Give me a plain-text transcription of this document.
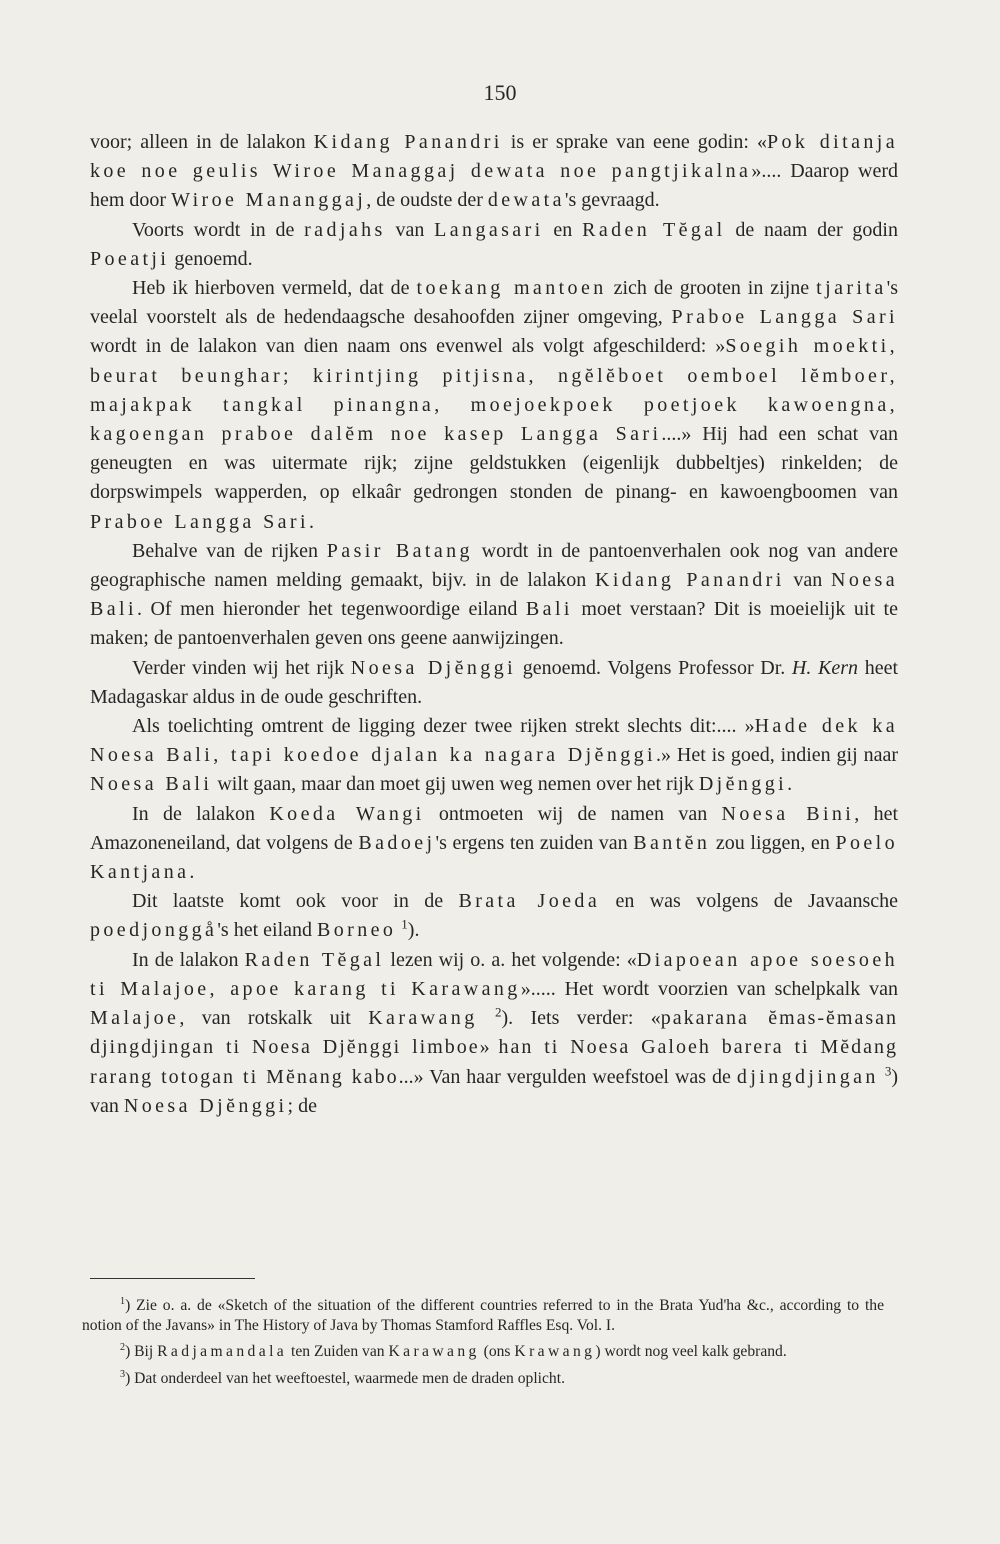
150

voor; alleen in de lalakon Kidang Panandri is er sprake van eene godin: «Pok ditanja koe noe geulis Wiroe Managgaj dewata noe pangtjikalna».... Daarop werd hem door Wiroe Mananggaj, de oudste der dewata's gevraagd.

Voorts wordt in de radjahs van Langasari en Raden Tĕgal de naam der godin Poeatji genoemd.

Heb ik hierboven vermeld, dat de toekang mantoen zich de grooten in zijne tjarita's veelal voorstelt als de hedendaagsche desahoofden zijner omgeving, Praboe Langga Sari wordt in de lalakon van dien naam ons evenwel als volgt afgeschilderd: »Soegih moekti, beurat beunghar; kirintjing pitjisna, ngĕlĕboet oemboel lĕmboer, majakpak tangkal pinangna, moejoekpoek poetjoek kawoengna, kagoengan praboe dalĕm noe kasep Langga Sari....» Hij had een schat van geneugten en was uitermate rijk; zijne geldstukken (eigenlijk dubbeltjes) rinkelden; de dorpswimpels wapperden, op elkaâr gedrongen stonden de pinang- en kawoengboomen van Praboe Langga Sari.

Behalve van de rijken Pasir Batang wordt in de pantoenverhalen ook nog van andere geographische namen melding gemaakt, bijv. in de lalakon Kidang Panandri van Noesa Bali. Of men hieronder het tegenwoordige eiland Bali moet verstaan? Dit is moeielijk uit te maken; de pantoenverhalen geven ons geene aanwijzingen.

Verder vinden wij het rijk Noesa Djĕnggi genoemd. Volgens Professor Dr. H. Kern heet Madagaskar aldus in de oude geschriften.

Als toelichting omtrent de ligging dezer twee rijken strekt slechts dit:.... »Hade dek ka Noesa Bali, tapi koedoe djalan ka nagara Djĕnggi.» Het is goed, indien gij naar Noesa Bali wilt gaan, maar dan moet gij uwen weg nemen over het rijk Djĕnggi.

In de lalakon Koeda Wangi ontmoeten wij de namen van Noesa Bini, het Amazoneneiland, dat volgens de Badoej's ergens ten zuiden van Bantĕn zou liggen, en Poelo Kantjana.

Dit laatste komt ook voor in de Brata Joeda en was volgens de Javaansche poedjonggå's het eiland Borneo $^1$).

In de lalakon Raden Tĕgal lezen wij o. a. het volgende: «Diapoean apoe soesoeh ti Malajoe, apoe karang ti Karawang»..... Het wordt voorzien van schelpkalk van Malajoe, van rotskalk uit Karawang $^2$). Iets verder: «pakarana ĕmas-ĕmasan djingdjingan ti Noesa Djĕnggi limboe» han ti Noesa Galoeh barera ti Mĕdang rarang totogan ti Mĕnang kabo...» Van haar vergulden weefstoel was de djingdjingan $^3$) van Noesa Djĕnggi; de

$^1$) Zie o. a. de «Sketch of the situation of the different countries referred to in the Brata Yud'ha &c., according to the notion of the Javans» in The History of Java by Thomas Stamford Raffles Esq. Vol. I.

$^2$) Bij Radjamandala ten Zuiden van Karawang (ons Krawang) wordt nog veel kalk gebrand.

$^3$) Dat onderdeel van het weeftoestel, waarmede men de draden oplicht.
